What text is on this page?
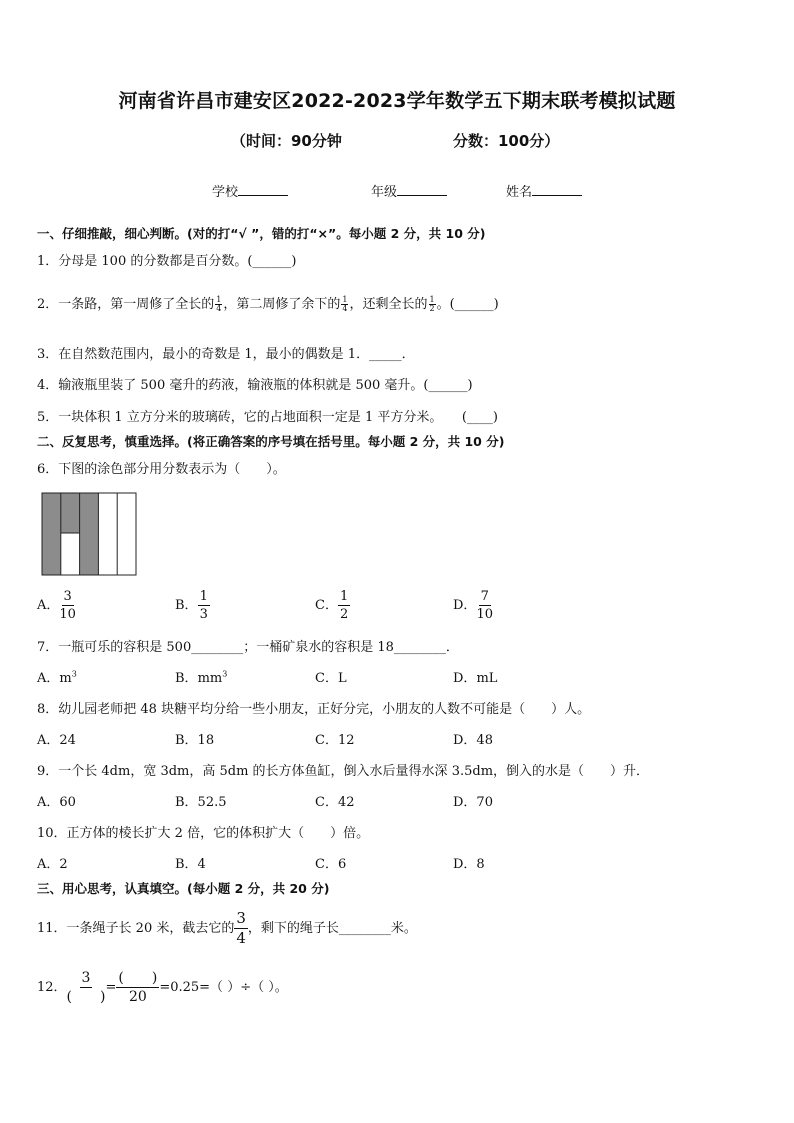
河南省许昌市建安区2022-2023学年数学五下期末联考模拟试题
（时间：90分钟	分数：100分）
学校	年级	姓名
一、仔细推敲，细心判断。(对的打“√ ”，错的打“×”。每小题 2 分，共 10 分)
1．分母是 100 的分数都是百分数。(______)
2．一条路，第一周修了全长的 $\frac{1}{4}$ ，第二周修了余下的 $\frac{1}{4}$ ，还剩全长的 $\frac{1}{2}$ 。(______)
3．在自然数范围内，最小的奇数是 1，最小的偶数是 1．_____．
4．输液瓶里装了 500 毫升的药液，输液瓶的体积就是 500 毫升。(______)
5．一块体积 1 立方分米的玻璃砖，它的占地面积一定是 1 平方分米。　　(____)
二、反复思考，慎重选择。(将正确答案的序号填在括号里。每小题 2 分，共 10 分)
6．下图的涂色部分用分数表示为（　　）。
A． $\frac{3}{10}$	B． $\frac{1}{3}$	C． $\frac{1}{2}$	D． $\frac{7}{10}$
7．一瓶可乐的容积是 500________；一桶矿泉水的容积是 18________．
A．$m^3$	B．$mm^3$	C．L	D．mL
8．幼儿园老师把 48 块糖平均分给一些小朋友，正好分完，小朋友的人数不可能是（　　）人。
A．24	B．18	C．12	D．48
9．一个长 4dm，宽 3dm，高 5dm 的长方体鱼缸，倒入水后量得水深 3.5dm，倒入的水是（　　）升．
A．60	B．52.5	C．42	D．70
10．正方体的棱长扩大 2 倍，它的体积扩大（　　）倍。
A．2	B．4	C．6	D．8
三、用心思考，认真填空。(每小题 2 分，共 20 分)
11．一条绳子长 20 米，截去它的 $\frac{3}{4}$ ，剩下的绳子长________米。
12． $\frac{3}{( )} = \frac{( )}{20} =0.25=$（ ）÷（ ）。
